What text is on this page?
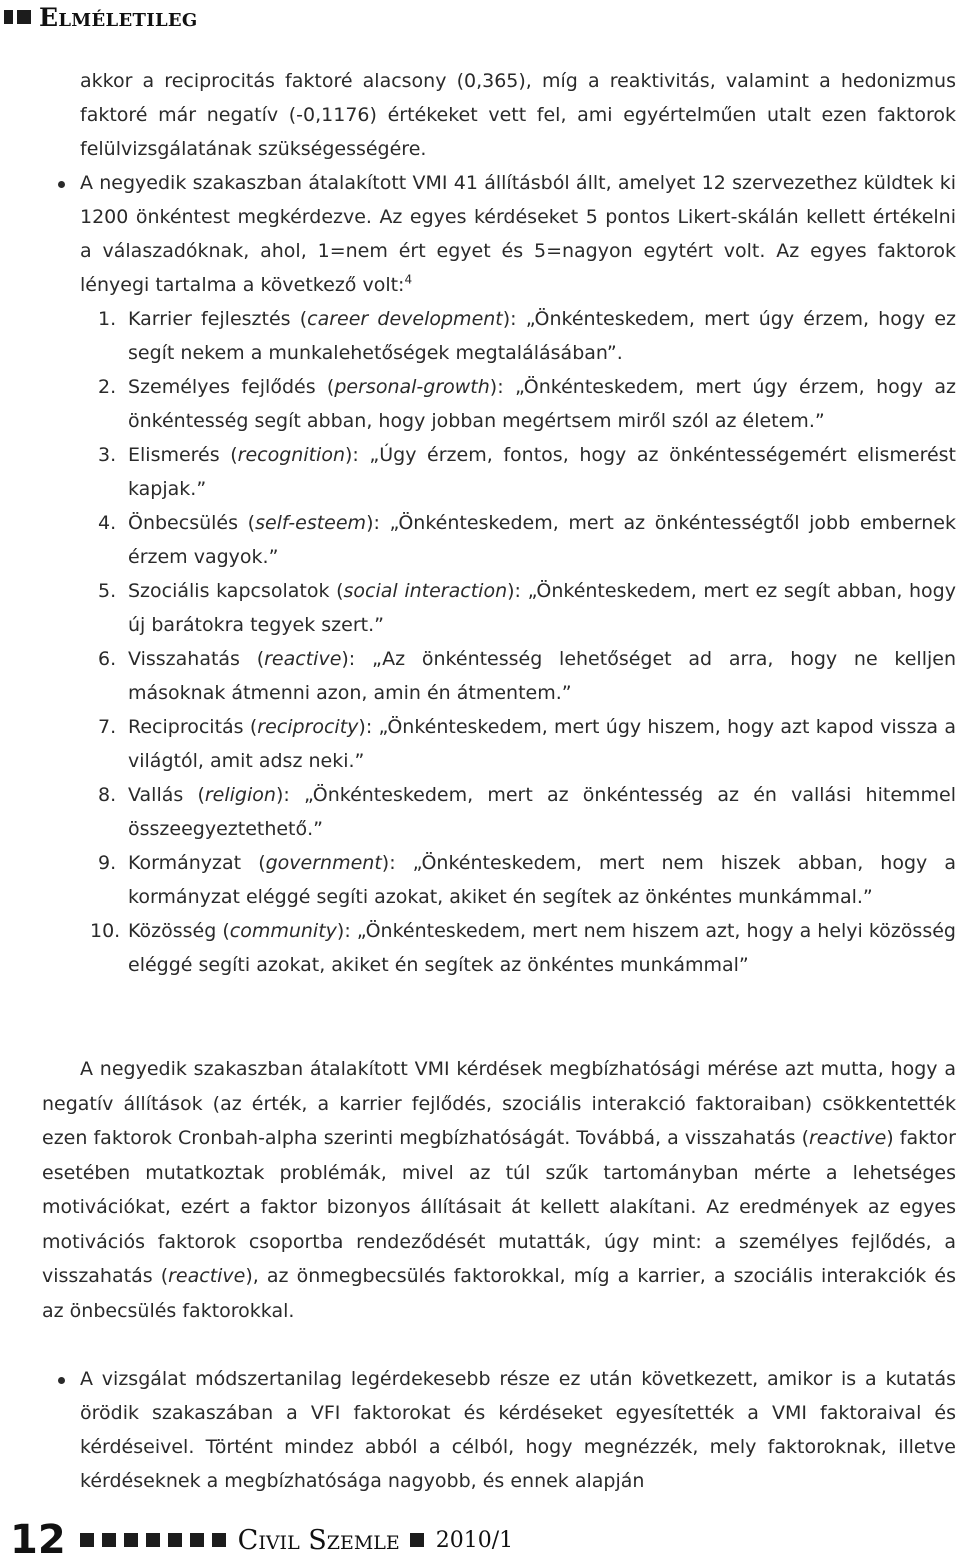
Elméletileg

akkor a reciprocitás faktoré alacsony (0,365), míg a reaktivitás, valamint a hedonizmus faktoré már negatív (-0,1176) értékeket vett fel, ami egyértelműen utalt ezen faktorok felülvizsgálatának szükségességére.

A negyedik szakaszban átalakított VMI 41 állításból állt, amelyet 12 szervezethez küldtek ki 1200 önkéntest megkérdezve. Az egyes kérdéseket 5 pontos Likert-skálán kellett értékelni a válaszadóknak, ahol, 1=nem ért egyet és 5=nagyon egytért volt. Az egyes faktorok lényegi tartalma a következő volt:$^4$

1. Karrier fejlesztés (career development): „Önkénteskedem, mert úgy érzem, hogy ez segít nekem a munkalehetőségek megtalálásában”.
2. Személyes fejlődés (personal-growth): „Önkénteskedem, mert úgy érzem, hogy az önkéntesség segít abban, hogy jobban megértsem miről szól az életem.”
3. Elismerés (recognition): „Úgy érzem, fontos, hogy az önkéntességemért elismerést kapjak.”
4. Önbecsülés (self-esteem): „Önkénteskedem, mert az önkéntességtől jobb embernek érzem vagyok.”
5. Szociális kapcsolatok (social interaction): „Önkénteskedem, mert ez segít abban, hogy új barátokra tegyek szert.”
6. Visszahatás (reactive): „Az önkéntesség lehetőséget ad arra, hogy ne kelljen másoknak átmenni azon, amin én átmentem.”
7. Reciprocitás (reciprocity): „Önkénteskedem, mert úgy hiszem, hogy azt kapod vissza a világtól, amit adsz neki.”
8. Vallás (religion): „Önkénteskedem, mert az önkéntesség az én vallási hitemmel összeegyeztethető.”
9. Kormányzat (government): „Önkénteskedem, mert nem hiszek abban, hogy a kormányzat eléggé segíti azokat, akiket én segítek az önkéntes munkámmal.”
10. Közösség (community): „Önkénteskedem, mert nem hiszem azt, hogy a helyi közösség eléggé segíti azokat, akiket én segítek az önkéntes munkámmal”

A negyedik szakaszban átalakított VMI kérdések megbízhatósági mérése azt mutta, hogy a negatív állítások (az érték, a karrier fejlődés, szociális interakció faktoraiban) csökkentették ezen faktorok Cronbah-alpha szerinti megbízhatóságát. Továbbá, a visszahatás (reactive) faktor esetében mutatkoztak problémák, mivel az túl szűk tartományban mérte a lehetséges motivációkat, ezért a faktor bizonyos állításait át kellett alakítani. Az eredmények az egyes motivációs faktorok csoportba rendeződését mutatták, úgy mint: a személyes fejlődés, a visszahatás (reactive), az önmegbecsülés faktorokkal, míg a karrier, a szociális interakciók és az önbecsülés faktorokkal.

A vizsgálat módszertanilag legérdekesebb része ez után következett, amikor is a kutatás örödik szakaszában a VFI faktorokat és kérdéseket egyesítették a VMI faktoraival és kérdéseivel. Történt mindez abból a célból, hogy megnézzék, mely faktoroknak, illetve kérdéseknek a megbízhatósága nagyobb, és ennek alapján

12	Civil Szemle 2010/1
